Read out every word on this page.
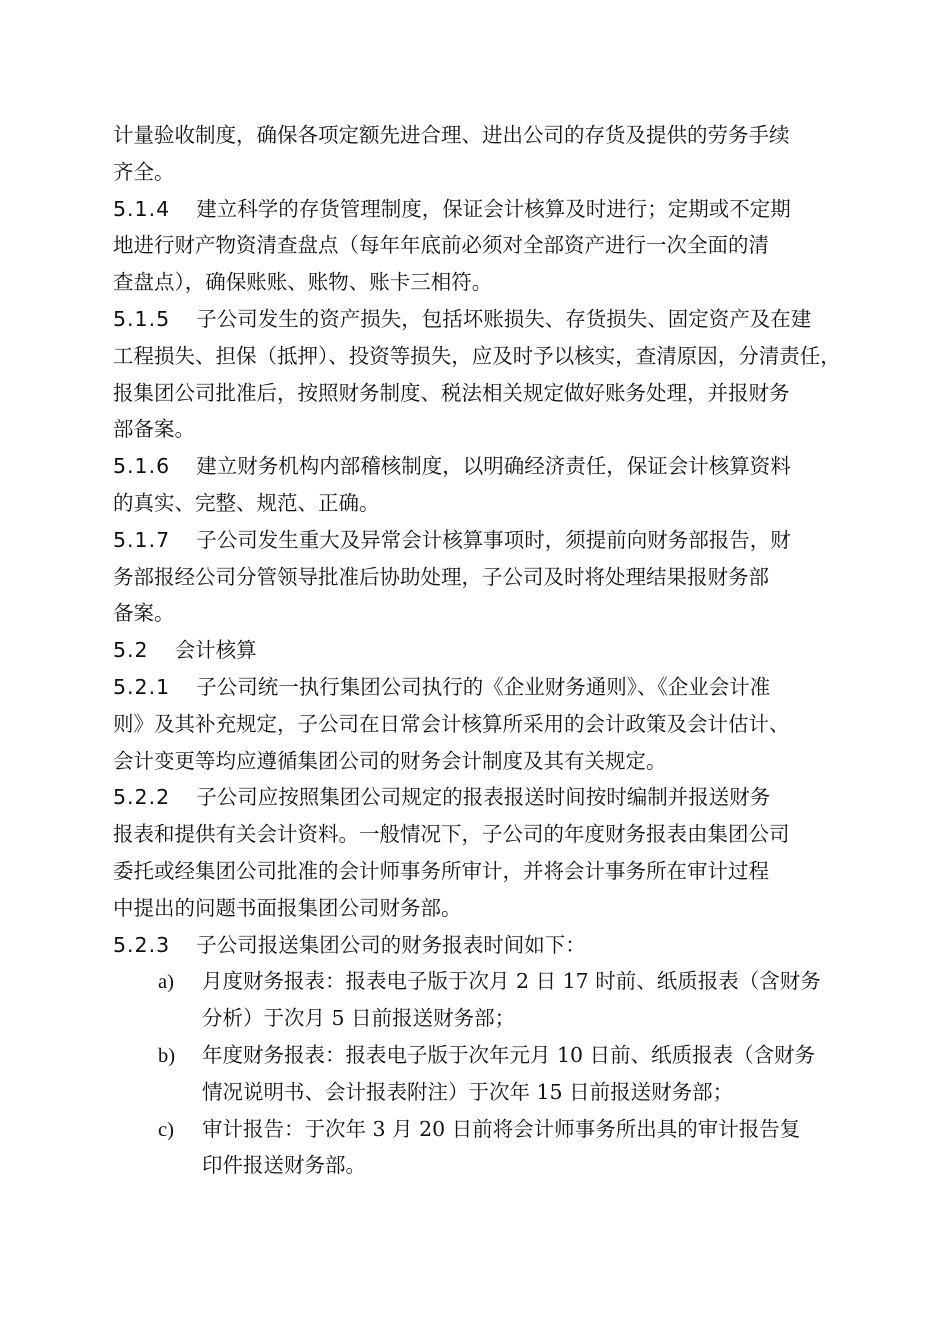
计量验收制度，确保各项定额先进合理、进出公司的存货及提供的劳务手续
齐全。
5.1.4 建立科学的存货管理制度，保证会计核算及时进行；定期或不定期
地进行财产物资清查盘点（每年年底前必须对全部资产进行一次全面的清
查盘点），确保账账、账物、账卡三相符。
5.1.5 子公司发生的资产损失，包括坏账损失、存货损失、固定资产及在建
工程损失、担保（抵押）、投资等损失，应及时予以核实，查清原因，分清责任，
报集团公司批准后，按照财务制度、税法相关规定做好账务处理，并报财务
部备案。
5.1.6 建立财务机构内部稽核制度，以明确经济责任，保证会计核算资料
的真实、完整、规范、正确。
5.1.7 子公司发生重大及异常会计核算事项时，须提前向财务部报告，财
务部报经公司分管领导批准后协助处理，子公司及时将处理结果报财务部
备案。
5.2 会计核算
5.2.1 子公司统一执行集团公司执行的《企业财务通则》、《企业会计准
则》及其补充规定，子公司在日常会计核算所采用的会计政策及会计估计、
会计变更等均应遵循集团公司的财务会计制度及其有关规定。
5.2.2 子公司应按照集团公司规定的报表报送时间按时编制并报送财务
报表和提供有关会计资料。一般情况下，子公司的年度财务报表由集团公司
委托或经集团公司批准的会计师事务所审计，并将会计事务所在审计过程
中提出的问题书面报集团公司财务部。
5.2.3 子公司报送集团公司的财务报表时间如下：
a) 月度财务报表：报表电子版于次月 2 日 17 时前、纸质报表（含财务
分析）于次月 5 日前报送财务部；
b) 年度财务报表：报表电子版于次年元月 10 日前、纸质报表（含财务
情况说明书、会计报表附注）于次年 15 日前报送财务部；
c) 审计报告：于次年 3 月 20 日前将会计师事务所出具的审计报告复
印件报送财务部。
